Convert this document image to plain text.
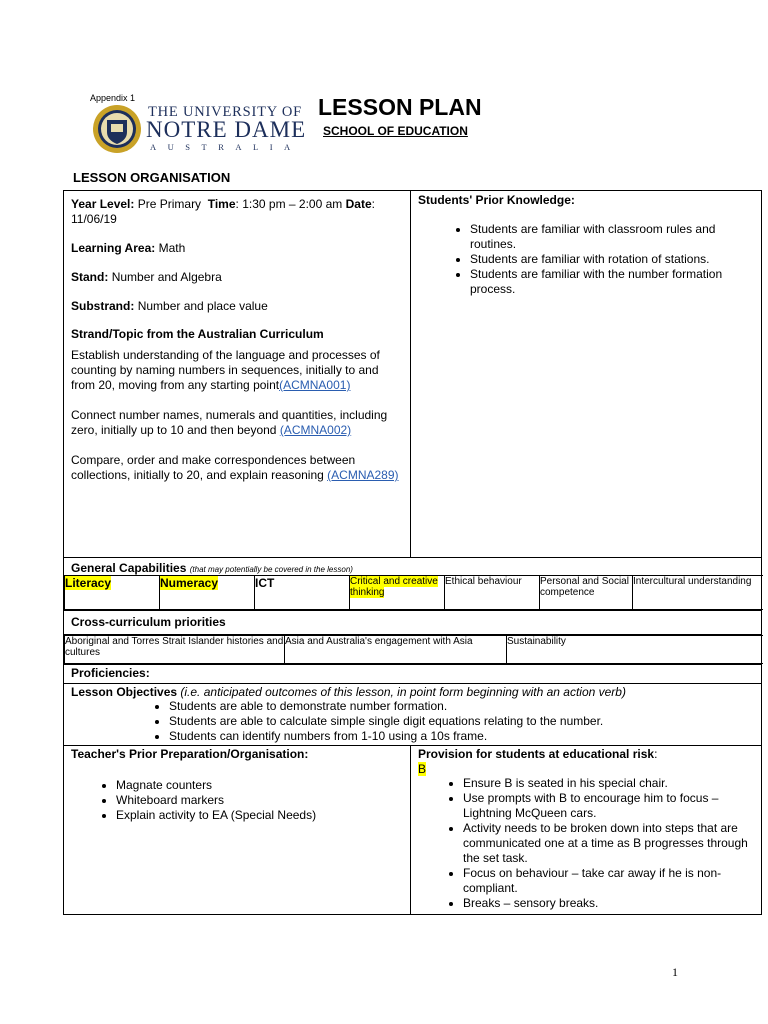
Appendix 1
THE UNIVERSITY OF
NOTRE DAME
AUSTRALIA
LESSON PLAN
SCHOOL OF EDUCATION
LESSON ORGANISATION

Year Level: Pre Primary Time: 1:30 pm – 2:00 am Date: 11/06/19

Learning Area: Math

Stand: Number and Algebra

Substrand: Number and place value

Strand/Topic from the Australian Curriculum

Establish understanding of the language and processes of counting by naming numbers in sequences, initially to and from 20, moving from any starting point(ACMNA001)

Connect number names, numerals and quantities, including zero, initially up to 10 and then beyond (ACMNA002)

Compare, order and make correspondences between collections, initially to 20, and explain reasoning (ACMNA289)

Students' Prior Knowledge:

• Students are familiar with classroom rules and routines.
• Students are familiar with rotation of stations.
• Students are familiar with the number formation process.

General Capabilities (that may potentially be covered in the lesson)
Literacy	Numeracy	ICT	Critical and creative thinking	Ethical behaviour	Personal and Social competence	Intercultural understanding

Cross-curriculum priorities
Aboriginal and Torres Strait Islander histories and cultures	Asia and Australia's engagement with Asia	Sustainability

Proficiencies:

Lesson Objectives (i.e. anticipated outcomes of this lesson, in point form beginning with an action verb)
• Students are able to demonstrate number formation.
• Students are able to calculate simple single digit equations relating to the number.
• Students can identify numbers from 1-10 using a 10s frame.

Teacher's Prior Preparation/Organisation:
• Magnate counters
• Whiteboard markers
• Explain activity to EA (Special Needs)

Provision for students at educational risk:
B
• Ensure B is seated in his special chair.
• Use prompts with B to encourage him to focus – Lightning McQueen cars.
• Activity needs to be broken down into steps that are communicated one at a time as B progresses through the set task.
• Focus on behaviour – take car away if he is non-compliant.
• Breaks – sensory breaks.
1
